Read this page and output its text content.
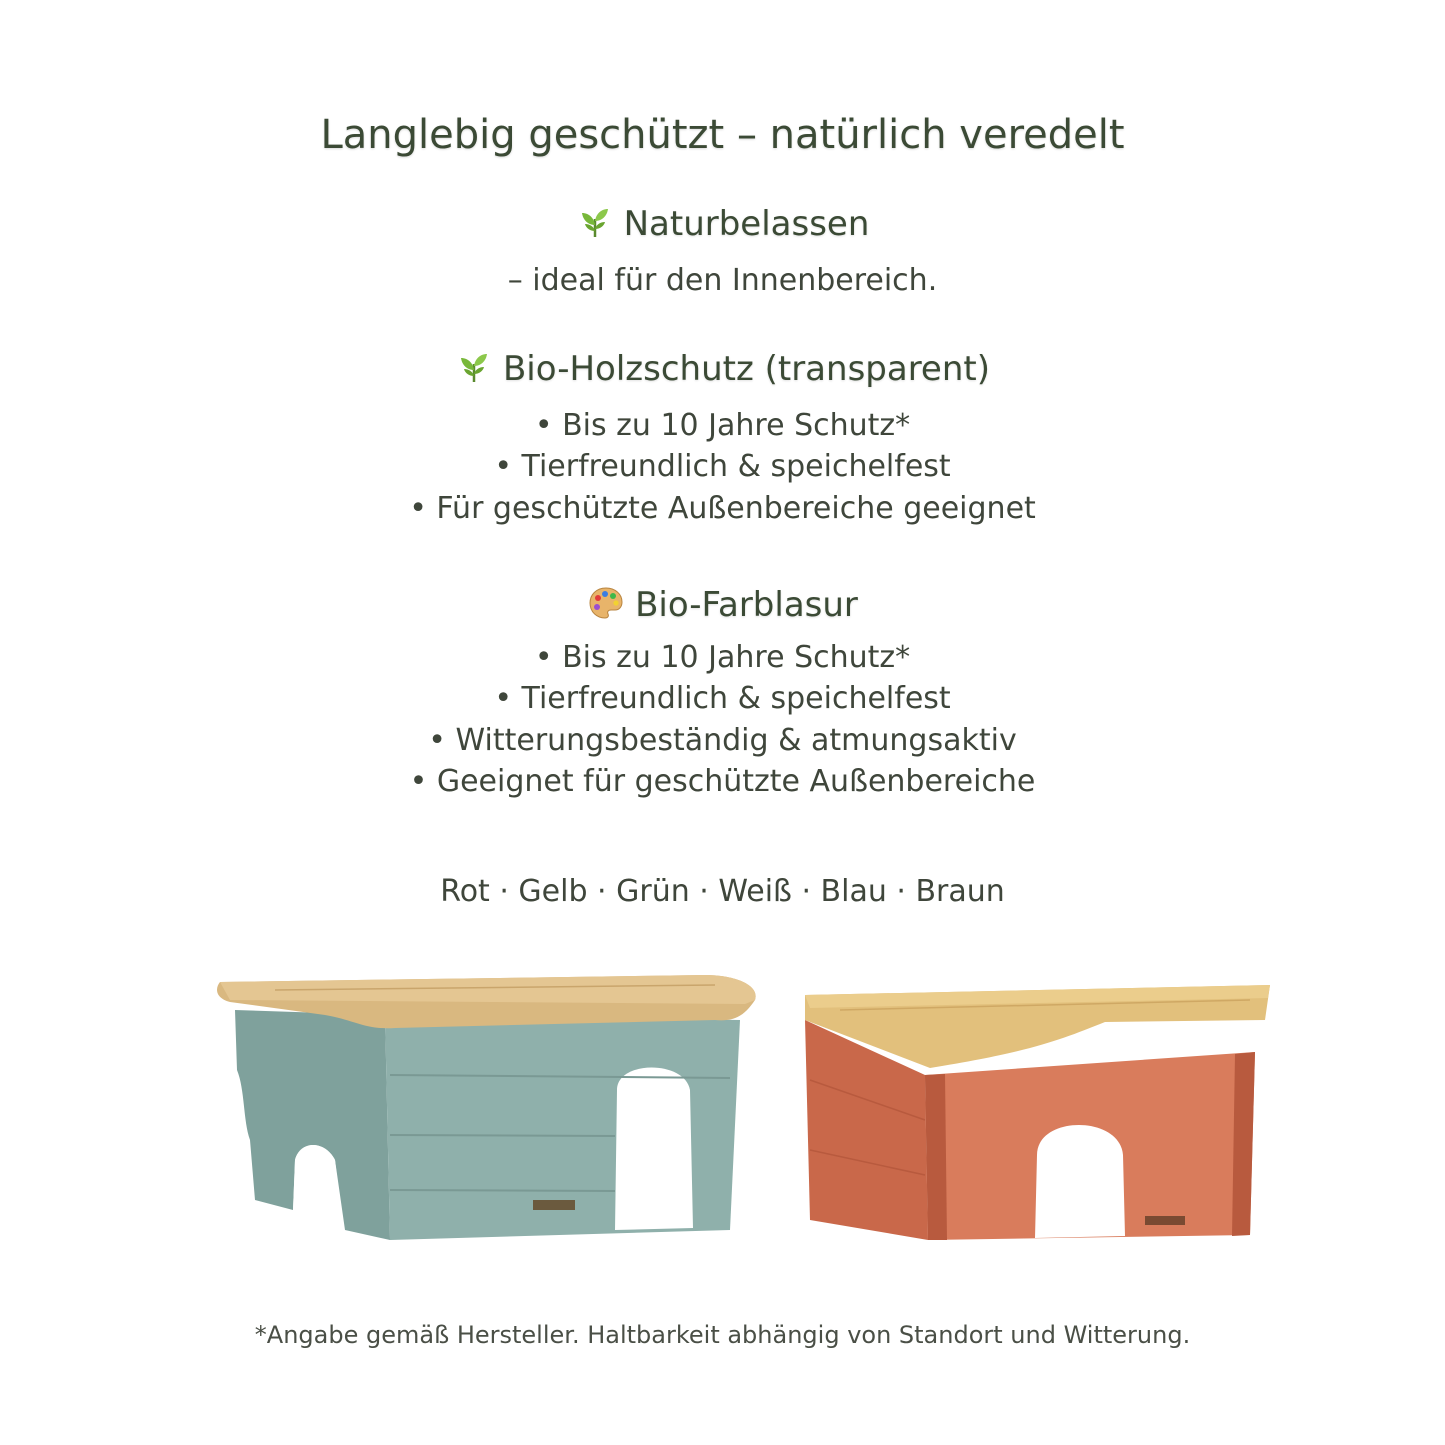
Langlebig geschützt – natürlich veredelt
Naturbelassen
– ideal für den Innenbereich.
Bio-Holzschutz (transparent)
• Bis zu 10 Jahre Schutz*
• Tierfreundlich & speichelfest
• Für geschützte Außenbereiche geeignet
Bio-Farblasur
• Bis zu 10 Jahre Schutz*
• Tierfreundlich & speichelfest
• Witterungsbeständig & atmungsaktiv
• Geeignet für geschützte Außenbereiche
Rot · Gelb · Grün · Weiß · Blau · Braun
*Angabe gemäß Hersteller. Haltbarkeit abhängig von Standort und Witterung.
